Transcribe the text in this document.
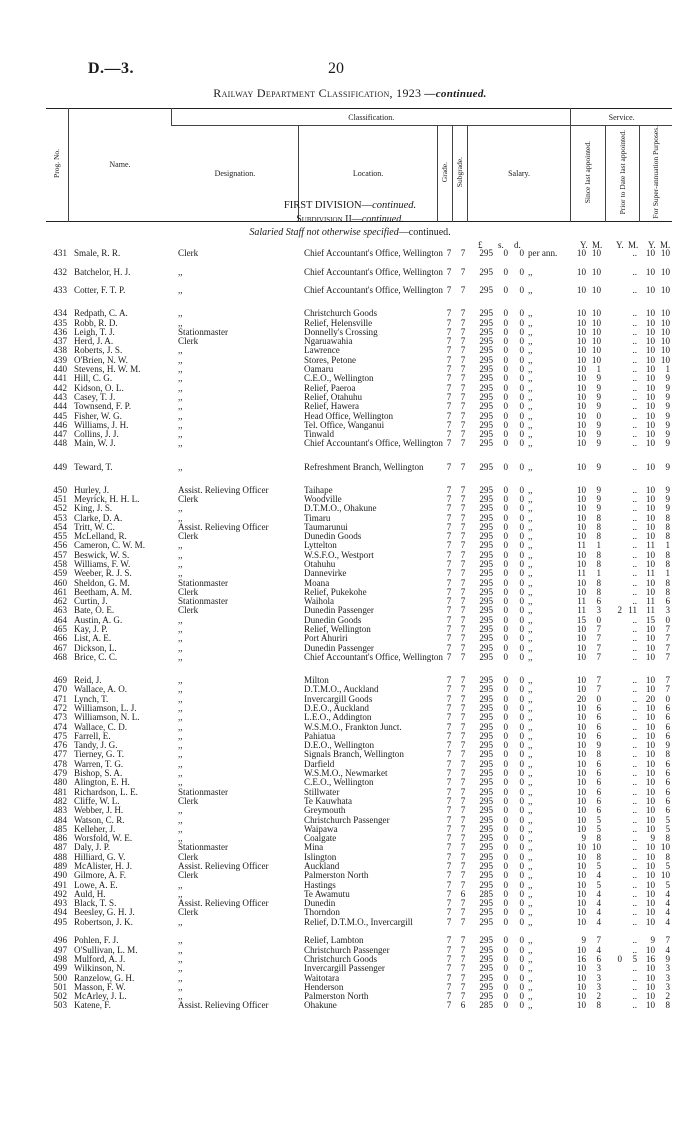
D.—3.	20
Railway Department Classification, 1923 —continued.
Prog. No.	Name.	Classification.					Service.		
		Designation.	Location.	Grade.	Subgrade.	Salary.	Since last appointed.	Prior to Date last appointed.	For Super-annuation Purposes.
FIRST DIVISION—continued.
Subdivision II—continued.
Salaried Staff not otherwise specified—continued.
£ s. d.	Y. M. Y. M. Y. M.
431 Smale, R. R.	Clerk	Chief Accountant's Office, Wellington 7	7	295	0	0 per ann.	10 10	.. 10 10
432 Batchelor, H. J.	,,	Chief Accountant's Office, Wellington 7	7	295	0	0 ,,	10 10	.. 10 10
433 Cotter, F. T. P.	,,	Chief Accountant's Office, Wellington 7	7	295	0	0 ,,	10 10	.. 10 10
434 Redpath, C. A.	,,	Christchurch Goods	7	7	295	0	0 ,,	10 10	.. 10 10
435 Robb, R. D.	,,	Relief, Helensville	7	7	295	0	0 ,,	10 10	.. 10 10
436 Leigh, T. J.	Stationmaster	Donnelly's Crossing	7	7	295	0	0 ,,	10 10	.. 10 10
437 Herd, J. A.	Clerk	Ngaruawahia	7	7	295	0	0 ,,	10 10	.. 10 10
438 Roberts, J. S.	,,	Lawrence	7	7	295	0	0 ,,	10 10	.. 10 10
439 O'Brien, N. W.	,,	Stores, Petone	7	7	295	0	0 ,,	10 10	.. 10 10
440 Stevens, H. W. M.	,,	Oamaru	7	7	295	0	0 ,,	10	1	.. 10	1
441 Hill, C. G.	,,	C.E.O., Wellington	7	7	295	0	0 ,,	10	9	.. 10	9
442 Kidson, O. L.	,,	Relief, Paeroa	7	7	295	0	0 ,,	10	9	.. 10	9
443 Casey, T. J.	,,	Relief, Otahuhu	7	7	295	0	0 ,,	10	9	.. 10	9
444 Townsend, F. P.	,,	Relief, Hawera	7	7	295	0	0 ,,	10	9	.. 10	9
445 Fisher, W. G.	,,	Head Office, Wellington	7	7	295	0	0 ,,	10	0	.. 10	9
446 Williams, J. H.	,,	Tel. Office, Wanganui	7	7	295	0	0 ,,	10	9	.. 10	9
447 Collins, J. J.	,,	Tinwald	7	7	295	0	0 ,,	10	9	.. 10	9
448 Main, W. J.	,,	Chief Accountant's Office, Wellington 7	7	295	0	0 ,,	10	9	.. 10	9
449 Teward, T.	,,	Refreshment Branch, Wellington	7	7	295	0	0 ,,	10	9	.. 10	9
450 Hurley, J.	Assist. Relieving Officer	Taihape	7	7	295	0	0 ,,	10	9	.. 10	9
451 Meyrick, H. H. L.	Clerk	Woodville	7	7	295	0	0 ,,	10	9	.. 10	9
452 King, J. S.	,,	D.T.M.O., Ohakune	7	7	295	0	0 ,,	10	9	.. 10	9
453 Clarke, D. A.	,,	Timaru	7	7	295	0	0 ,,	10	8	.. 10	8
454 Tritt, W. C.	Assist. Relieving Officer	Taumarunui	7	7	295	0	0 ,,	10	8	.. 10	8
455 McLelland, R.	Clerk	Dunedin Goods	7	7	295	0	0 ,,	10	8	.. 10	8
456 Cameron, C. W. M.	,,	Lyttelton	7	7	295	0	0 ,,	11	1	..	11	1
457 Beswick, W. S.	,,	W.S.F.O., Westport	7	7	295	0	0 ,,	10	8	.. 10	8
458 Williams, F. W.	,,	Otahuhu	7	7	295	0	0 ,,	10	8	.. 10	8
459 Weeber, R. J. S.	,,	Dannevirke	7	7	295	0	0 ,,	11	1	..	11	1
460 Sheldon, G. M.	Stationmaster	Moana	7	7	295	0	0 ,,	10	8	.. 10	8
461 Beetham, A. M.	Clerk	Relief, Pukekohe	7	7	295	0	0 ,,	10	8	.. 10	8
462 Curtin, J.	Stationmaster	Waihola	7	7	295	0	0 ,,	11	6	..	11	6
463 Bate, O. E.	Clerk	Dunedin Passenger	7	7	295	0	0 ,,	11	3	2 11	11	3
464 Austin, A. G.	,,	Dunedin Goods	7	7	295	0	0 ,,	15	0	.. 15	0
465 Kay, J. P.	,,	Relief, Wellington	7	7	295	0	0 ,,	10	7	.. 10	7
466 List, A. E.	,,	Port Ahuriri	7	7	295	0	0 ,,	10	7	.. 10	7
467 Dickson, L.	,,	Dunedin Passenger	7	7	295	0	0 ,,	10	7	.. 10	7
468 Brice, C. C.	,,	Chief Accountant's Office, Wellington 7	7	295	0	0 ,,	10	7	.. 10	7
469 Reid, J.	,,	Milton	7	7	295	0	0 ,,	10	7	.. 10	7
470 Wallace, A. O.	,,	D.T.M.O., Auckland	7	7	295	0	0 ,,	10	7	.. 10	7
471 Lynch, T.	,,	Invercargill Goods	7	7	295	0	0 ,,	20	0	.. 20	0
472 Williamson, L. J.	,,	D.E.O., Auckland	7	7	295	0	0 ,,	10	6	.. 10	6
473 Williamson, N. L.	,,	L.E.O., Addington	7	7	295	0	0 ,,	10	6	.. 10	6
474 Wallace, C. D.	,,	W.S.M.O., Frankton Junct.	7	7	295	0	0 ,,	10	6	.. 10	6
475 Farrell, E.	,,	Pahiatua	7	7	295	0	0 ,,	10	6	.. 10	6
476 Tandy, J. G.	,,	D.E.O., Wellington	7	7	295	0	0 ,,	10	9	.. 10	9
477 Tierney, G. T.	,,	Signals Branch, Wellington	7	7	295	0	0 ,,	10	8	.. 10	8
478 Warren, T. G.	,,	Darfield	7	7	295	0	0 ,,	10	6	.. 10	6
479 Bishop, S. A.	,,	W.S.M.O., Newmarket	7	7	295	0	0 ,,	10	6	.. 10	6
480 Alington, E. H.	,,	C.E.O., Wellington	7	7	295	0	0 ,,	10	6	.. 10	6
481 Richardson, L. E.	Stationmaster	Stillwater	7	7	295	0	0 ,,	10	6	.. 10	6
482 Cliffe, W. L.	Clerk	Te Kauwhata	7	7	295	0	0 ,,	10	6	.. 10	6
483 Webber, J. H.	,,	Greymouth	7	7	295	0	0 ,,	10	6	.. 10	6
484 Watson, C. R.	,,	Christchurch Passenger	7	7	295	0	0 ,,	10	5	.. 10	5
485 Kelleher, J.	,,	Waipawa	7	7	295	0	0 ,,	10	5	.. 10	5
486 Worsfold, W. E.	,,	Coalgate	7	7	295	0	0 ,,	9	8	..	9	8
487 Daly, J. P.	Stationmaster	Mina	7	7	295	0	0 ,,	10 10	.. 10 10
488 Hilliard, G. V.	Clerk	Islington	7	7	295	0	0 ,,	10	8	.. 10	8
489 McAlister, H. J.	Assist. Relieving Officer	Auckland	7	7	295	0	0 ,,	10	5	.. 10	5
490 Gilmore, A. F.	Clerk	Palmerston North	7	7	295	0	0 ,,	10	4	.. 10 10
491 Lowe, A. E.	,,	Hastings	7	7	295	0	0 ,,	10	5	.. 10	5
492 Auld, H.	,,	Te Awamutu	7	6	285	0	0 ,,	10	4	.. 10	4
493 Black, T. S.	Assist. Relieving Officer	Dunedin	7	7	295	0	0 ,,	10	4	.. 10	4
494 Beesley, G. H. J.	Clerk	Thorndon	7	7	295	0	0 ,,	10	4	.. 10	4
495 Robertson, J. K.	,,	Relief, D.T.M.O., Invercargill	7	7	295	0	0 ,,	10	4	.. 10	4
496 Pohlen, F. J.	,,	Relief, Lambton	7	7	295	0	0 ,,	9	7	..	9	7
497 O'Sullivan, L. M.	,,	Christchurch Passenger	7	7	295	0	0 ,,	10	4	.. 10	4
498 Mulford, A. J.	,,	Christchurch Goods	7	7	295	0	0 ,,	16	6	0	5 16	9
499 Wilkinson, N.	,,	Invercargill Passenger	7	7	295	0	0 ,,	10	3	.. 10	3
500 Ranzelow, G. H.	,,	Waitotara	7	7	295	0	0 ,,	10	3	.. 10	3
501 Masson, F. W.	,,	Henderson	7	7	295	0	0 ,,	10	3	.. 10	3
502 McArley, J. L.	,,	Palmerston North	7	7	295	0	0 ,,	10	2	.. 10	2
503 Katene, F.	Assist. Relieving Officer	Ohakune	7	6	285	0	0 ,,	10	8	.. 10	8
